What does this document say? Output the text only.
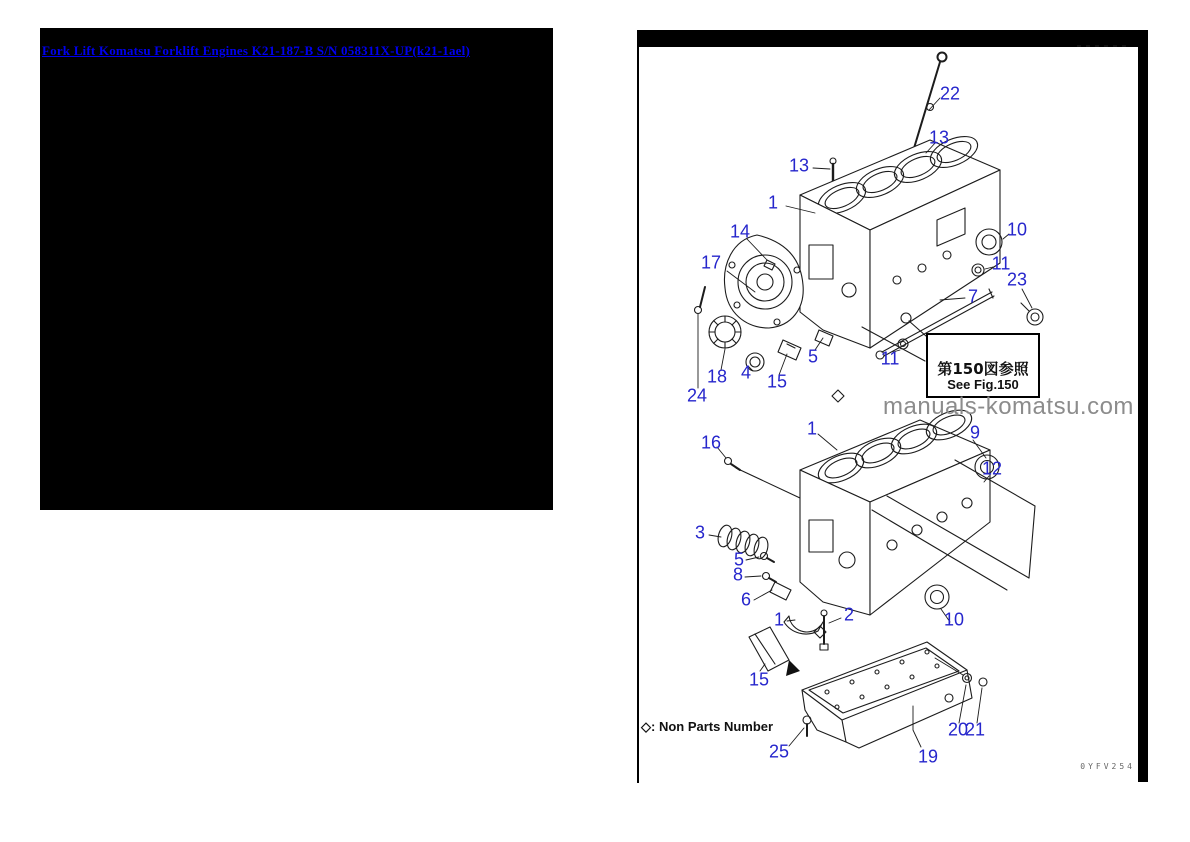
Fork Lift Komatsu Forklift Engines K21-187-B S/N 058311X-UP(k21-1ael)
第150図参照
See Fig.150
manuals-komatsu.com
22
13
13
1
10
14
17	11
23
7
5	11
4
18 15
24
16
1	9
12
3
5
8
6
1	2	10
15
25	19
20
21
◇: Non Parts Number
0YFV254
